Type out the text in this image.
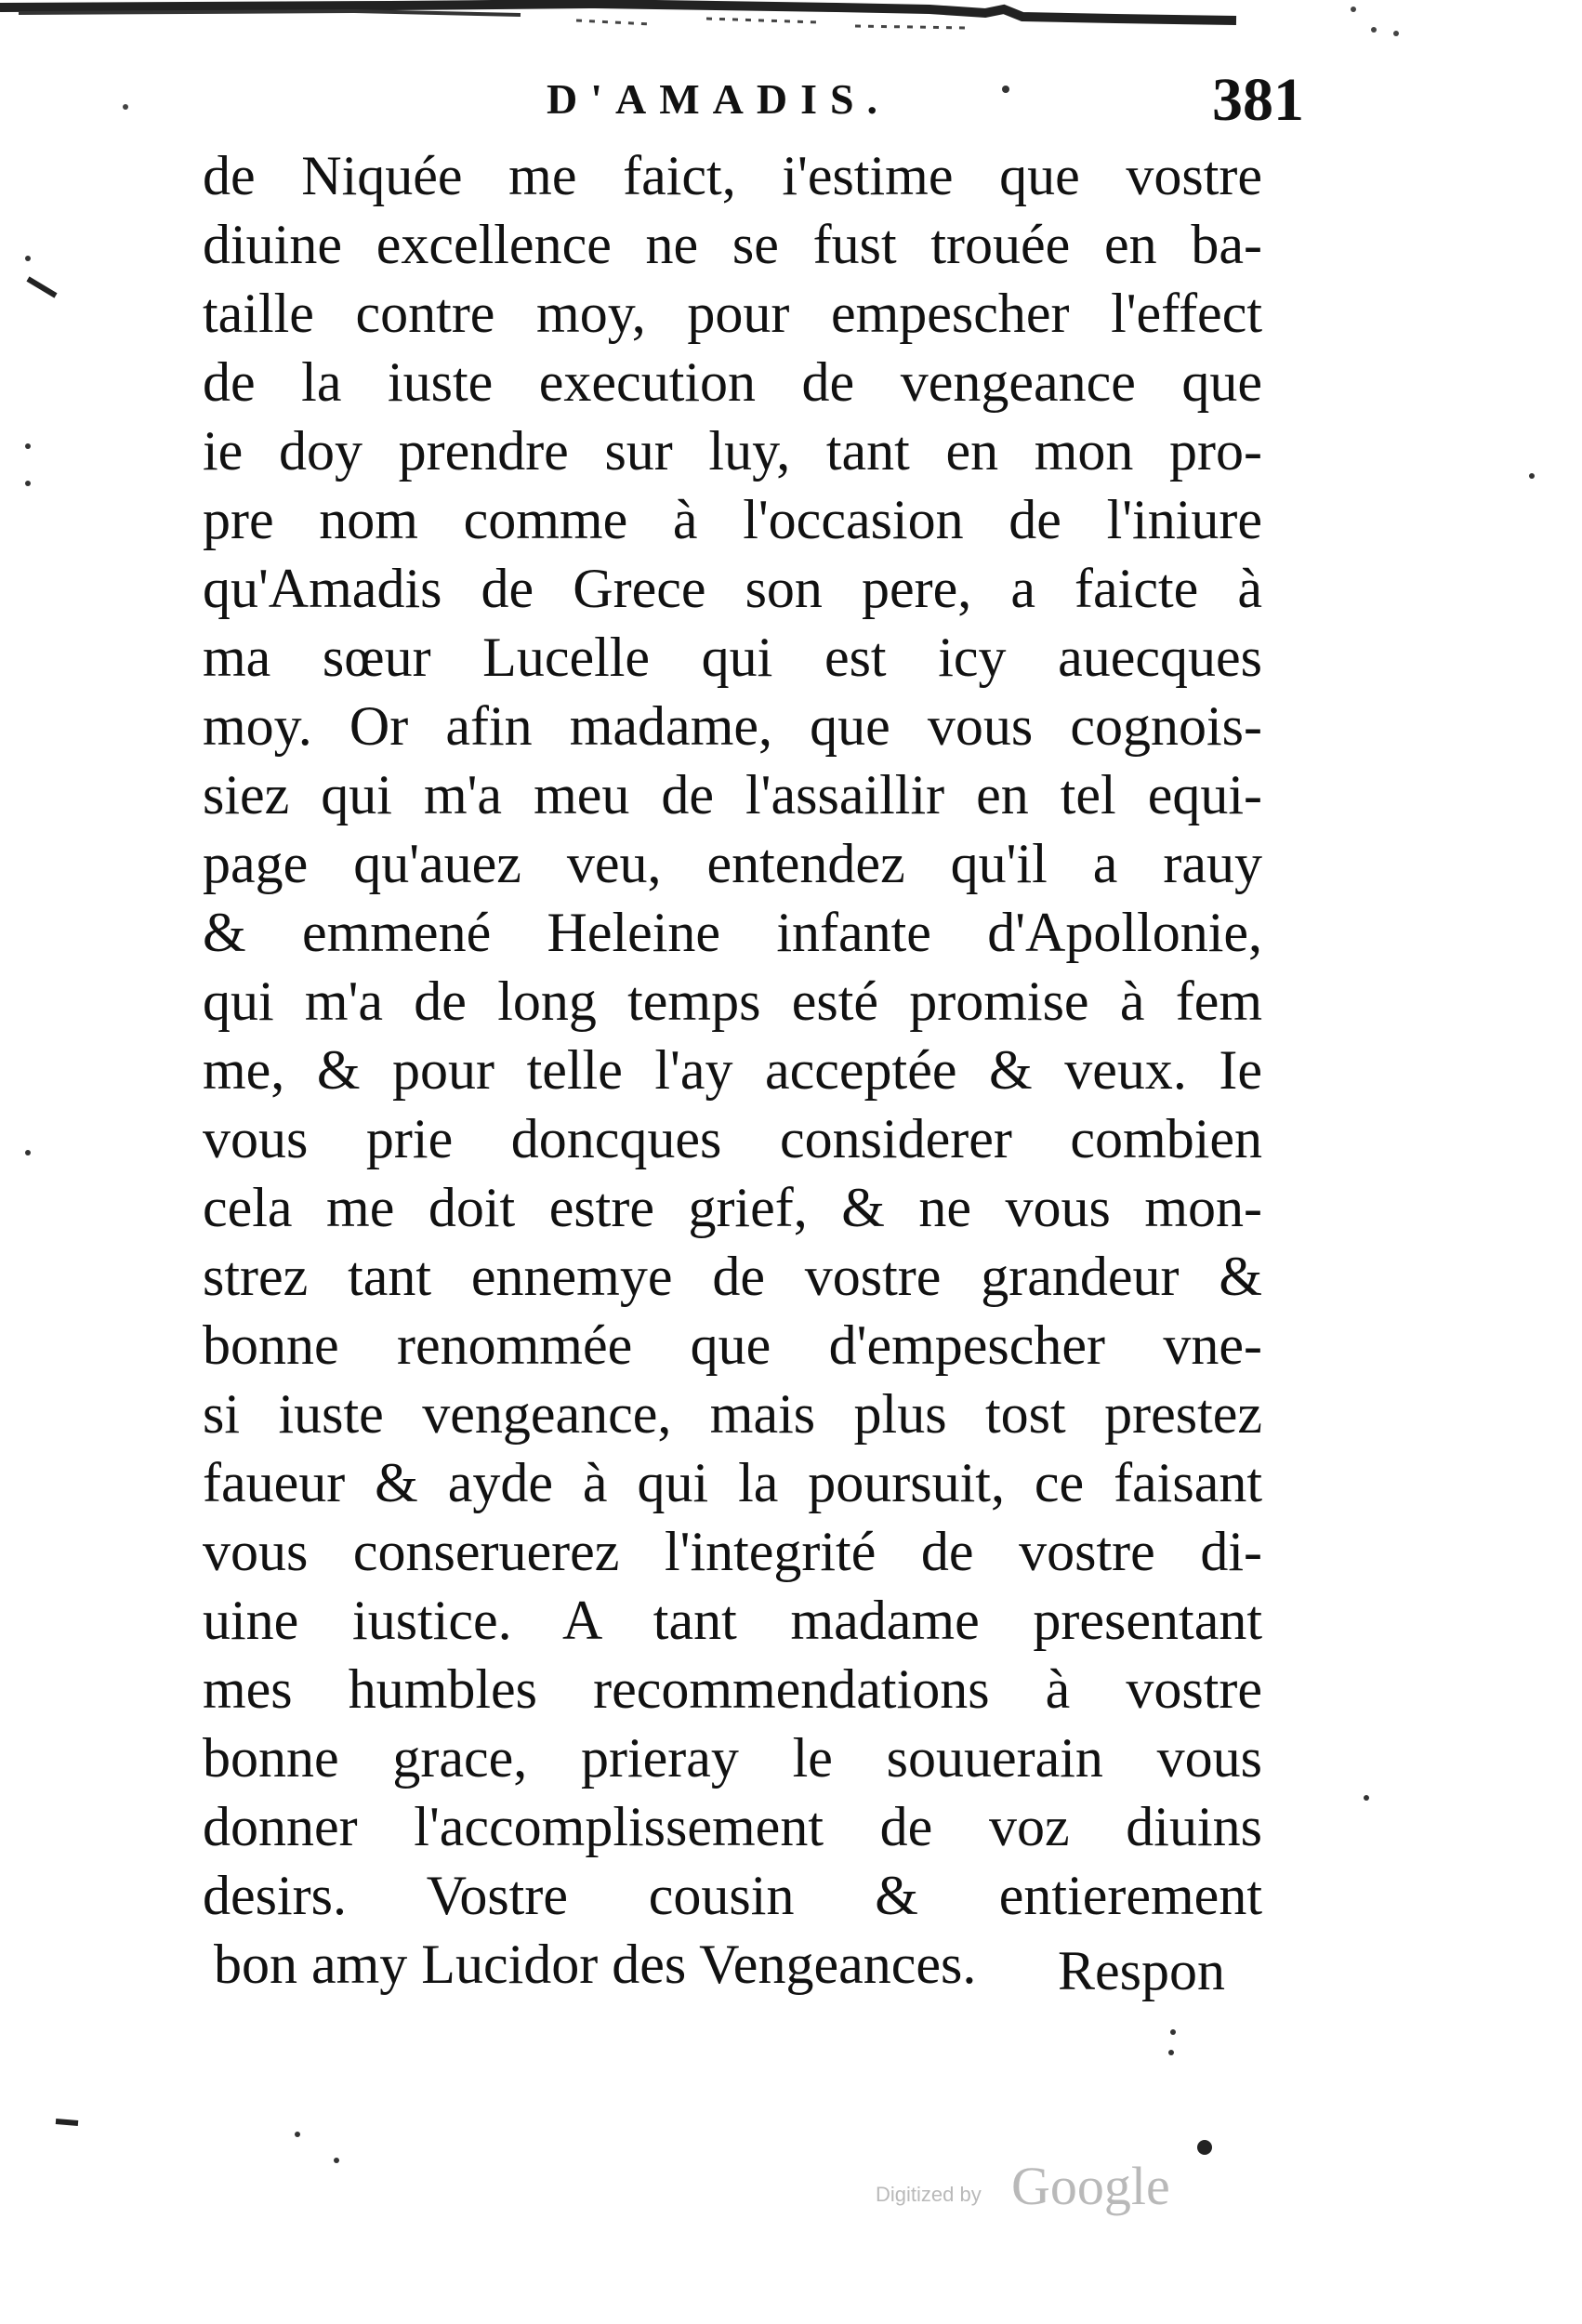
D'AMADIS.	381
de Niquée me faict, i'estime que vostre
diuine excellence ne se fust trouée en ba-
taille contre moy, pour empescher l'effect
de la iuste execution de vengeance que
ie doy prendre sur luy, tant en mon pro-
pre nom comme à l'occasion de l'iniure
qu'Amadis de Grece son pere, a faicte à
ma sœur Lucelle qui est icy auecques
moy. Or afin madame, que vous cognois-
siez qui m'a meu de l'assaillir en tel equi-
page qu'auez veu, entendez qu'il a rauy
& emmené Heleine infante d'Apollonie,
qui m'a de long temps esté promise à fem
me, & pour telle l'ay acceptée & veux. Ie
vous prie doncques considerer combien
cela me doit estre grief, & ne vous mon-
strez tant ennemye de vostre grandeur &
bonne renommée que d'empescher vne-
si iuste vengeance, mais plus tost prestez
faueur & ayde à qui la poursuit, ce faisant
vous conseruerez l'integrité de vostre di-
uine iustice. A tant madame presentant
mes humbles recommendations à vostre
bonne grace, prieray le souuerain vous
donner l'accomplissement de voz diuins
desirs. Vostre cousin & entierement
bon amy Lucidor des Vengeances.	Respon
Digitized by Google
